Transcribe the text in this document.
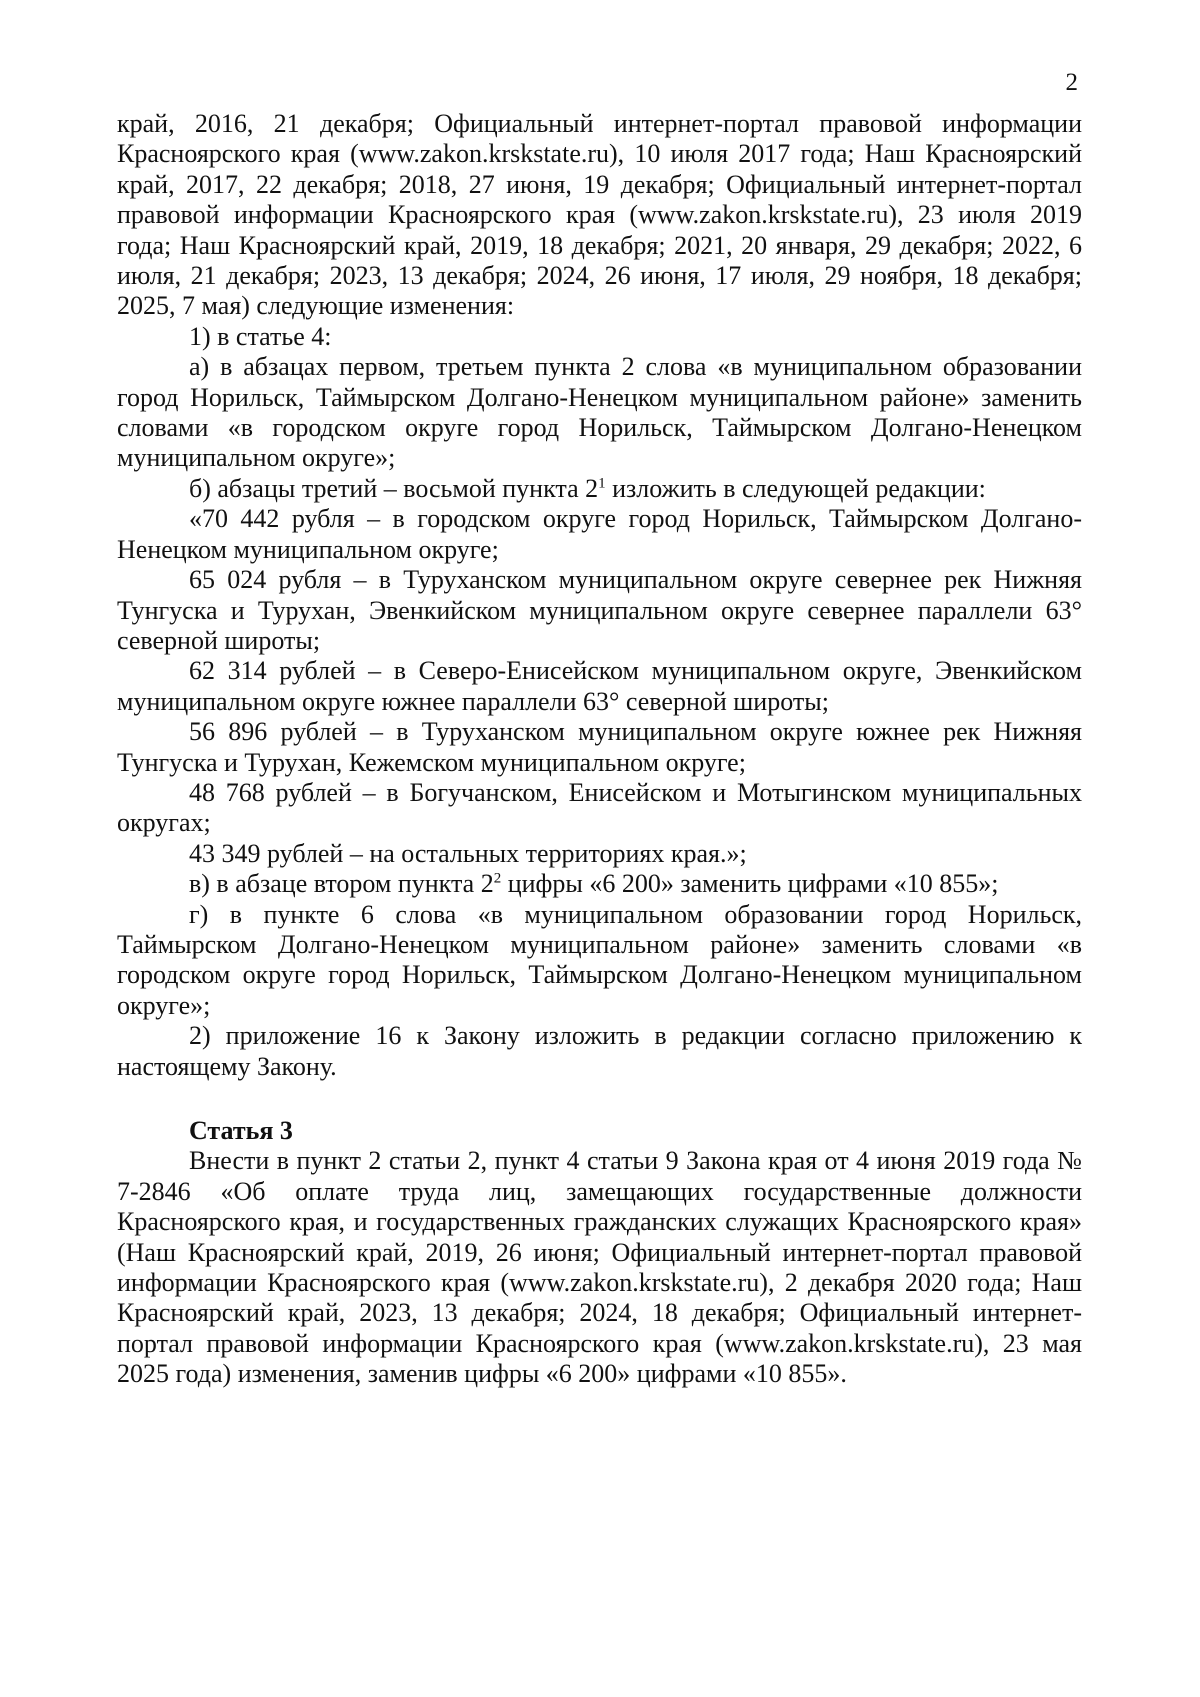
2

край, 2016, 21 декабря; Официальный интернет-портал правовой информации Красноярского края (www.zakon.krskstate.ru), 10 июля 2017 года; Наш Красноярский край, 2017, 22 декабря; 2018, 27 июня, 19 декабря; Официальный интернет-портал правовой информации Красноярского края (www.zakon.krskstate.ru), 23 июля 2019 года; Наш Красноярский край, 2019, 18 декабря; 2021, 20 января, 29 декабря; 2022, 6 июля, 21 декабря; 2023, 13 декабря; 2024, 26 июня, 17 июля, 29 ноября, 18 декабря; 2025, 7 мая) следующие изменения:

1) в статье 4:

а) в абзацах первом, третьем пункта 2 слова «в муниципальном образовании город Норильск, Таймырском Долгано-Ненецком муниципальном районе» заменить словами «в городском округе город Норильск, Таймырском Долгано-Ненецком муниципальном округе»;

б) абзацы третий – восьмой пункта $2^1$ изложить в следующей редакции:

«70 442 рубля – в городском округе город Норильск, Таймырском Долгано-Ненецком муниципальном округе;

65 024 рубля – в Туруханском муниципальном округе севернее рек Нижняя Тунгуска и Турухан, Эвенкийском муниципальном округе севернее параллели 63° северной широты;

62 314 рублей – в Северо-Енисейском муниципальном округе, Эвенкийском муниципальном округе южнее параллели 63° северной широты;

56 896 рублей – в Туруханском муниципальном округе южнее рек Нижняя Тунгуска и Турухан, Кежемском муниципальном округе;

48 768 рублей – в Богучанском, Енисейском и Мотыгинском муниципальных округах;

43 349 рублей – на остальных территориях края.»;

в) в абзаце втором пункта $2^2$ цифры «6 200» заменить цифрами «10 855»;

г) в пункте 6 слова «в муниципальном образовании город Норильск, Таймырском Долгано-Ненецком муниципальном районе» заменить словами «в городском округе город Норильск, Таймырском Долгано-Ненецком муниципальном округе»;

2) приложение 16 к Закону изложить в редакции согласно приложению к настоящему Закону.

Статья 3

Внести в пункт 2 статьи 2, пункт 4 статьи 9 Закона края от 4 июня 2019 года № 7-2846 «Об оплате труда лиц, замещающих государственные должности Красноярского края, и государственных гражданских служащих Красноярского края» (Наш Красноярский край, 2019, 26 июня; Официальный интернет-портал правовой информации Красноярского края (www.zakon.krskstate.ru), 2 декабря 2020 года; Наш Красноярский край, 2023, 13 декабря; 2024, 18 декабря; Официальный интернет-портал правовой информации Красноярского края (www.zakon.krskstate.ru), 23 мая 2025 года) изменения, заменив цифры «6 200» цифрами «10 855».
